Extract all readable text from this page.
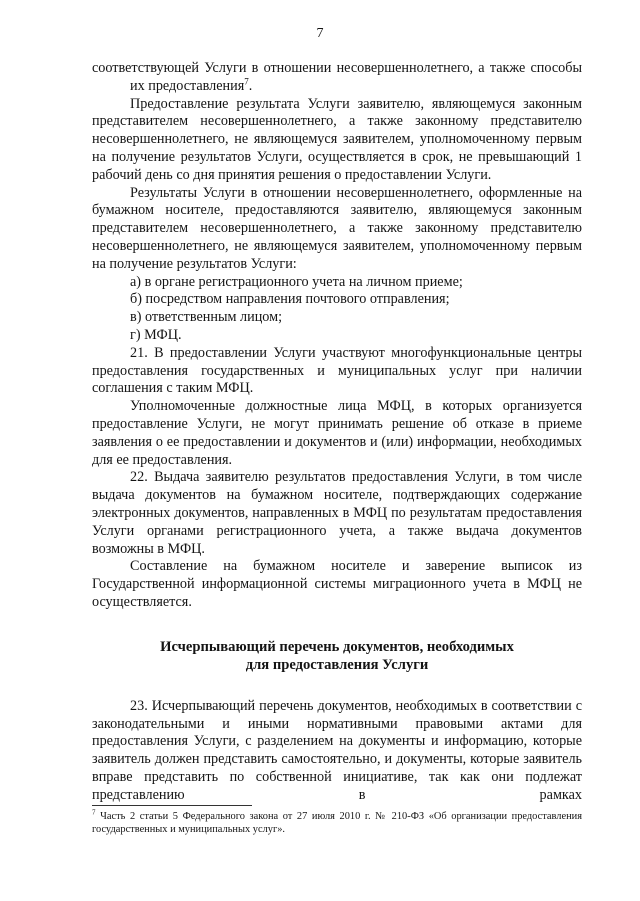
7

соответствующей Услуги в отношении несовершеннолетнего, а также способы

их предоставления$^7$.

Предоставление результата Услуги заявителю, являющемуся законным представителем несовершеннолетнего, а также законному представителю несовершеннолетнего, не являющемуся заявителем, уполномоченному первым на получение результатов Услуги, осуществляется в срок, не превышающий 1 рабочий день со дня принятия решения о предоставлении Услуги.

Результаты Услуги в отношении несовершеннолетнего, оформленные на бумажном носителе, предоставляются заявителю, являющемуся законным представителем несовершеннолетнего, а также законному представителю несовершеннолетнего, не являющемуся заявителем, уполномоченному первым на получение результатов Услуги:

а) в органе регистрационного учета на личном приеме;

б) посредством направления почтового отправления;

в) ответственным лицом;

г) МФЦ.

21. В предоставлении Услуги участвуют многофункциональные центры предоставления государственных и муниципальных услуг при наличии соглашения с таким МФЦ.

Уполномоченные должностные лица МФЦ, в которых организуется предоставление Услуги, не могут принимать решение об отказе в приеме заявления о ее предоставлении и документов и (или) информации, необходимых для ее предоставления.

22. Выдача заявителю результатов предоставления Услуги, в том числе выдача документов на бумажном носителе, подтверждающих содержание электронных документов, направленных в МФЦ по результатам предоставления Услуги органами регистрационного учета, а также выдача документов возможны в МФЦ.

Составление на бумажном носителе и заверение выписок из Государственной информационной системы миграционного учета в МФЦ не осуществляется.

Исчерпывающий перечень документов, необходимых
для предоставления Услуги

23. Исчерпывающий перечень документов, необходимых в соответствии с законодательными и иными нормативными правовыми актами для предоставления Услуги, с разделением на документы и информацию, которые заявитель должен представить самостоятельно, и документы, которые заявитель вправе представить по собственной инициативе, так как они подлежат представлению в рамках

$^7$ Часть 2 статьи 5 Федерального закона от 27 июля 2010 г. № 210-ФЗ «Об организации предоставления государственных и муниципальных услуг».
